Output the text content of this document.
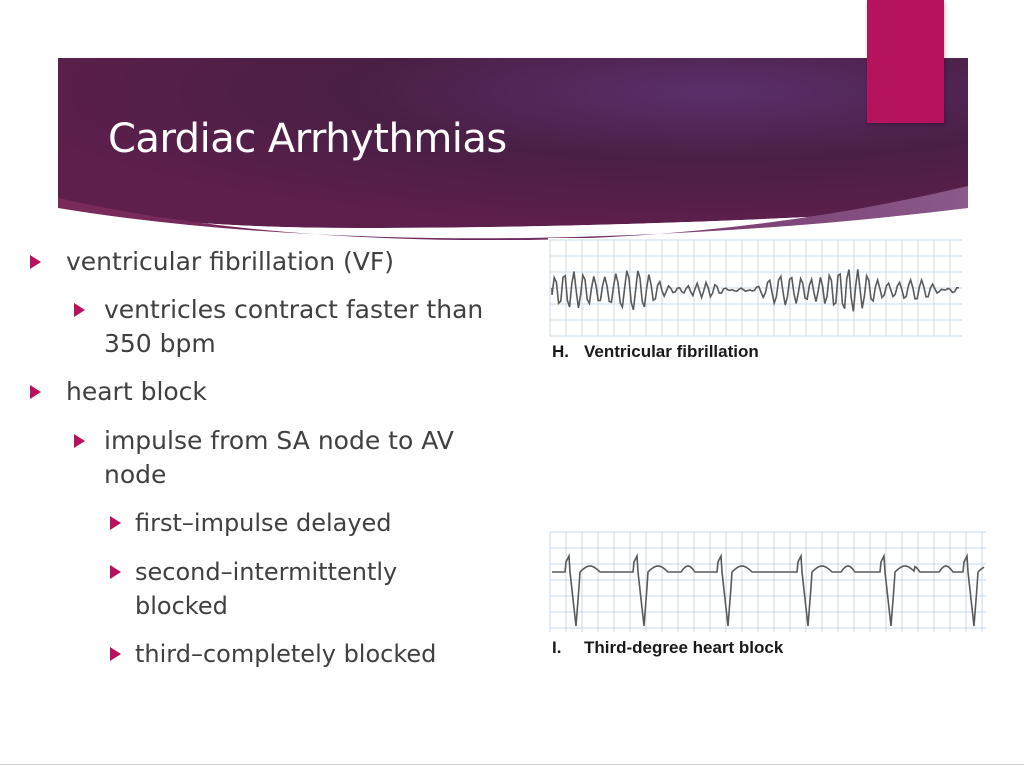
Cardiac Arrhythmias
ventricular fibrillation (VF)
ventricles contract faster than 350 bpm
heart block
impulse from SA node to AV node
first–impulse delayed
second–intermittently blocked
third–completely blocked
H. Ventricular fibrillation
I. Third-degree heart block
